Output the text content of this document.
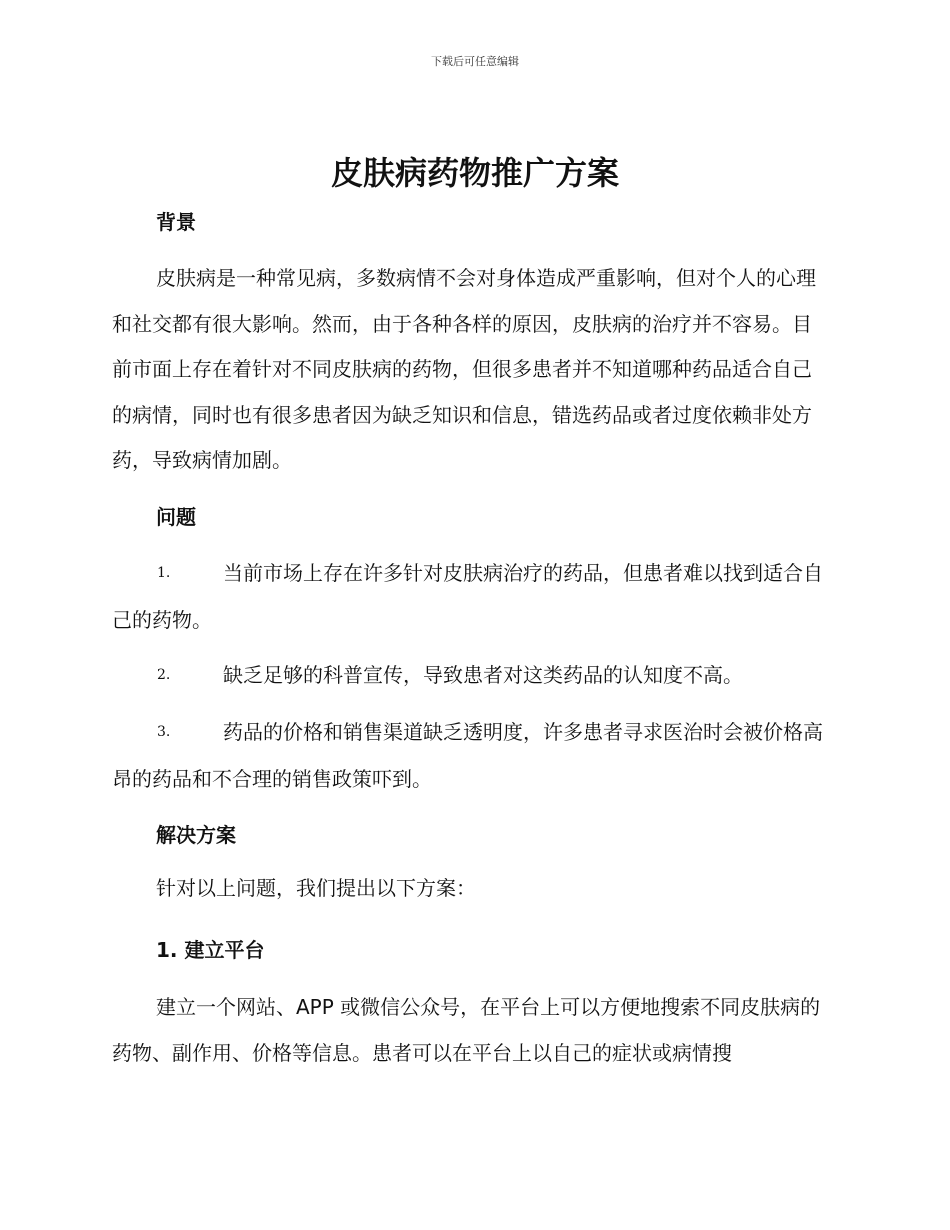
下载后可任意编辑
皮肤病药物推广方案
背景

皮肤病是一种常见病，多数病情不会对身体造成严重影响，但对个人的心理和社交都有很大影响。然而，由于各种各样的原因，皮肤病的治疗并不容易。目前市面上存在着针对不同皮肤病的药物，但很多患者并不知道哪种药品适合自己的病情，同时也有很多患者因为缺乏知识和信息，错选药品或者过度依赖非处方药，导致病情加剧。

问题

1.	当前市场上存在许多针对皮肤病治疗的药品，但患者难以找到适合自己的药物。

2.	缺乏足够的科普宣传，导致患者对这类药品的认知度不高。

3.	药品的价格和销售渠道缺乏透明度，许多患者寻求医治时会被价格高昂的药品和不合理的销售政策吓到。

解决方案

针对以上问题，我们提出以下方案：

1. 建立平台

建立一个网站、APP 或微信公众号，在平台上可以方便地搜索不同皮肤病的药物、副作用、价格等信息。患者可以在平台上以自己的症状或病情搜
